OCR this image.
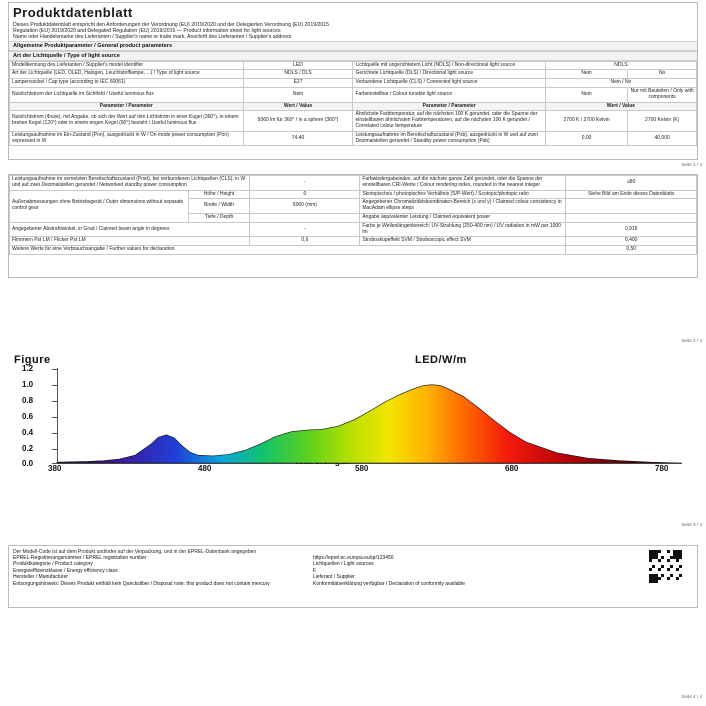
Produktdatenblatt
Dieses Produktdatenblatt entspricht den Anforderungen der Verordnung (EU) 2019/2020 und der Delegierten Verordnung (EU) 2019/2015
Regulation (EU) 2019/2020 and Delegated Regulation (EU) 2019/2015 — Product information sheet for light sources
Name oder Handelsmarke des Lieferanten / Supplier's name or trade mark, Anschrift des Lieferanten / Supplier's address
Allgemeine Produktparameter / General product parameters
Art der Lichtquelle / Type of light source
Modellkennung des Lieferanten / Supplier's model identifier	LED	Lichtquelle mit ungerichtetem Licht (NDLS) / Non-directional light source	NDLS	
Art der Lichtquelle (LED, OLED, Halogen, Leuchtstofflampe, ...) / Type of light source	NDLS / DLS	Gerichtete Lichtquelle (DLS) / Directional light source	Nein	No
Lampensockel / Cap type (according to IEC 60061)	E27	Verbundene Lichtquelle (CLS) / Connected light source	Nein / No	
Nutzlichtstrom der Lichtquelle im Sichtfeld / Useful luminous flux	Nein	Farbeinstellbar / Colour tunable light source	Nein	Nur mit Bauteilen / Only with components
Parameter / Parameter	Wert / Value	Parameter / Parameter	Wert / Value	
Nutzlichtstrom (Φuse), mit Angabe, ob sich der Wert auf den Lichtstrom in einer Kugel (360°), in einem breiten Kegel (120°) oder in einem engen Kegel (90°) bezieht / Useful luminous flux	5060 lm für 360° / in a sphere (360°)	Ähnlichste Farbtemperatur, auf die nächsten 100 K gerundet, oder die Spanne der einstellbaren ähnlichsten Farbtemperaturen, auf die nächsten 100 K gerundet / Correlated colour temperature	2700 K / 2700 Kelvin	2700 Kelvin (K)
Leistungsaufnahme im Ein-Zustand (Pon), ausgedrückt in W / On mode power consumption (Pon) expressed in W	74,40	Leistungsaufnahme im Bereitschaftszustand (Psb), ausgedrückt in W und auf zwei Dezimalstellen gerundet / Standby power consumption (Psb)	0,00	40,000
Seite 1 / 4
Leistungsaufnahme im vernetzten Bereitschaftszustand (Pnet), bei verbundenen Lichtquellen (CLS), in W und auf zwei Dezimalstellen gerundet / Networked standby power consumption		-	Farbwiedergabeindex, auf die nächste ganze Zahl gerundet, oder die Spanne der einstellbaren CRI-Werte / Colour rendering index, rounded to the nearest integer	≥80
Außenabmessungen ohne Betriebsgerät / Outer dimensions without separate control gear	Höhe / Height	0	Skotopisches / photopisches Verhältnis (S/P-Wert) / Scotopic/photopic ratio	Siehe Bild am Ende dieses Datenblatts
	Breite / Width	5060 (mm)	Angegebener Chromatizitätskoordinaten-Bereich (x und y) / Claimed colour consistency in MacAdam ellipse steps	
	Tiefe / Depth		Angabe äquivalenter Leistung / Claimed equivalent power	
Angegebener Abstrahlwinkel, in Grad / Claimed beam angle in degrees		-	Farbe je Wellenlängenbereich: UV-Strahlung (250-400 nm) / UV radiation in mW per 1000 lm	0,915
Flimmern Pst LM / Flicker Pst LM		0,6	Stroboskopeffekt SVM / Stroboscopic effect SVM	0,400
Weitere Werte für eine Verbrauchsangabe / Further values for declaration				0,50
Seite 2 / 4
Figure	LED/W/m
1.2
1.0
0.8
0.6
0.4
0.2
0.0
380	480	580	680	780
Seite 3 / 4
Der Modell-Code ist auf dem Produkt und/oder auf der Verpackung, und in der EPREL-Datenbank angegeben
EPREL-Registrierungsnummer / EPREL registration number	https://eprel.ec.europa.eu/qr/123456
Produktkategorie / Product category	Lichtquellen / Light sources
Energieeffizienzklasse / Energy efficiency class	F
Hersteller / Manufacturer	Lieferant / Supplier
Entsorgungshinweis: Dieses Produkt enthält kein Quecksilber / Disposal note: this product does not contain mercury	Konformitätserklärung verfügbar / Declaration of conformity available
Seite 4 / 4
